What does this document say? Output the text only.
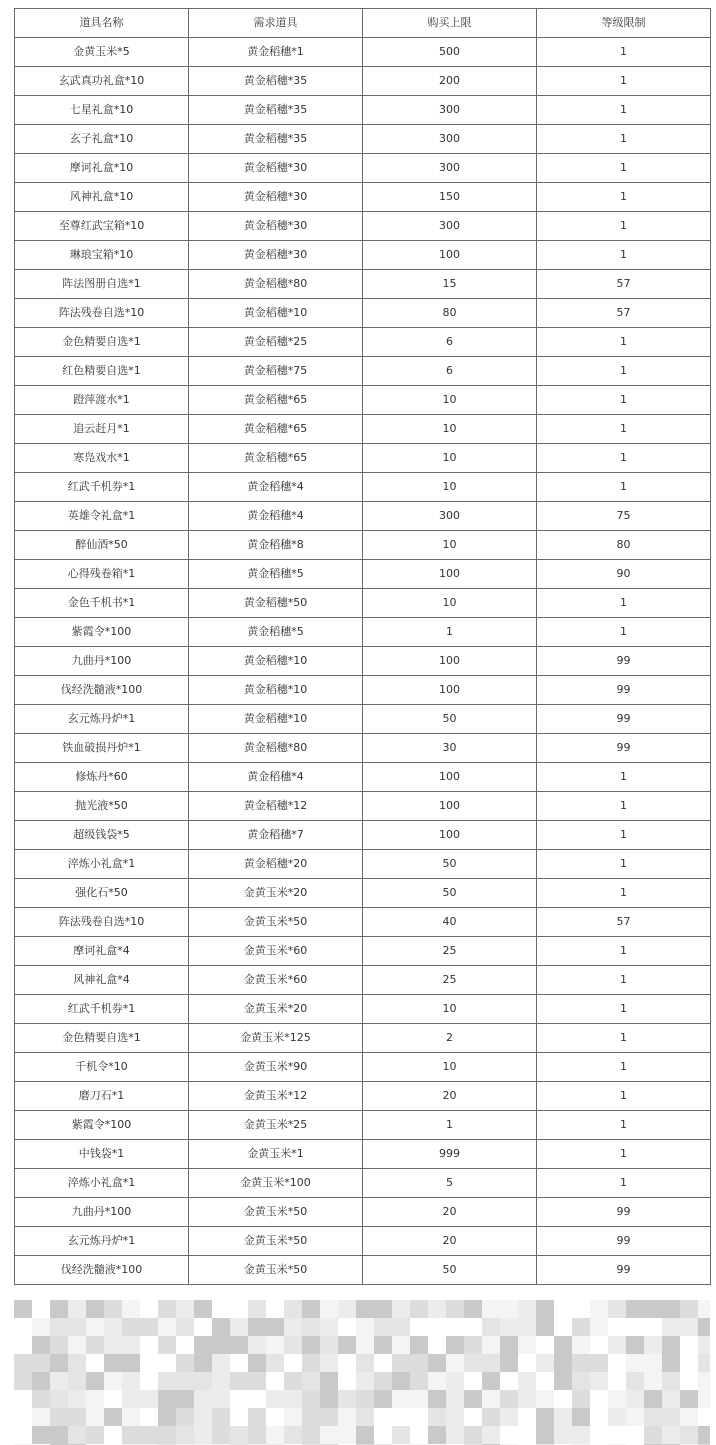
道具名称	需求道具	购买上限	等级限制
金黄玉米*5	黄金稻穗*1	500	1
玄武真功礼盒*10	黄金稻穗*35	200	1
七星礼盒*10	黄金稻穗*35	300	1
玄子礼盒*10	黄金稻穗*35	300	1
摩诃礼盒*10	黄金稻穗*30	300	1
风神礼盒*10	黄金稻穗*30	150	1
至尊红武宝箱*10	黄金稻穗*30	300	1
琳琅宝箱*10	黄金稻穗*30	100	1
阵法图册自选*1	黄金稻穗*80	15	57
阵法残卷自选*10	黄金稻穗*10	80	57
金色精要自选*1	黄金稻穗*25	6	1
红色精要自选*1	黄金稻穗*75	6	1
蹬萍渡水*1	黄金稻穗*65	10	1
追云赶月*1	黄金稻穗*65	10	1
寒凫戏水*1	黄金稻穗*65	10	1
红武千机券*1	黄金稻穗*4	10	1
英雄令礼盒*1	黄金稻穗*4	300	75
醉仙酒*50	黄金稻穗*8	10	80
心得残卷箱*1	黄金稻穗*5	100	90
金色千机书*1	黄金稻穗*50	10	1
紫霞令*100	黄金稻穗*5	1	1
九曲丹*100	黄金稻穗*10	100	99
伐经洗髓液*100	黄金稻穗*10	100	99
玄元炼丹炉*1	黄金稻穗*10	50	99
铁血破损丹炉*1	黄金稻穗*80	30	99
修炼丹*60	黄金稻穗*4	100	1
抛光液*50	黄金稻穗*12	100	1
超级钱袋*5	黄金稻穗*7	100	1
淬炼小礼盒*1	黄金稻穗*20	50	1
强化石*50	金黄玉米*20	50	1
阵法残卷自选*10	金黄玉米*50	40	57
摩诃礼盒*4	金黄玉米*60	25	1
风神礼盒*4	金黄玉米*60	25	1
红武千机券*1	金黄玉米*20	10	1
金色精要自选*1	金黄玉米*125	2	1
千机令*10	金黄玉米*90	10	1
磨刀石*1	金黄玉米*12	20	1
紫霞令*100	金黄玉米*25	1	1
中钱袋*1	金黄玉米*1	999	1
淬炼小礼盒*1	金黄玉米*100	5	1
九曲丹*100	金黄玉米*50	20	99
玄元炼丹炉*1	金黄玉米*50	20	99
伐经洗髓液*100	金黄玉米*50	50	99
